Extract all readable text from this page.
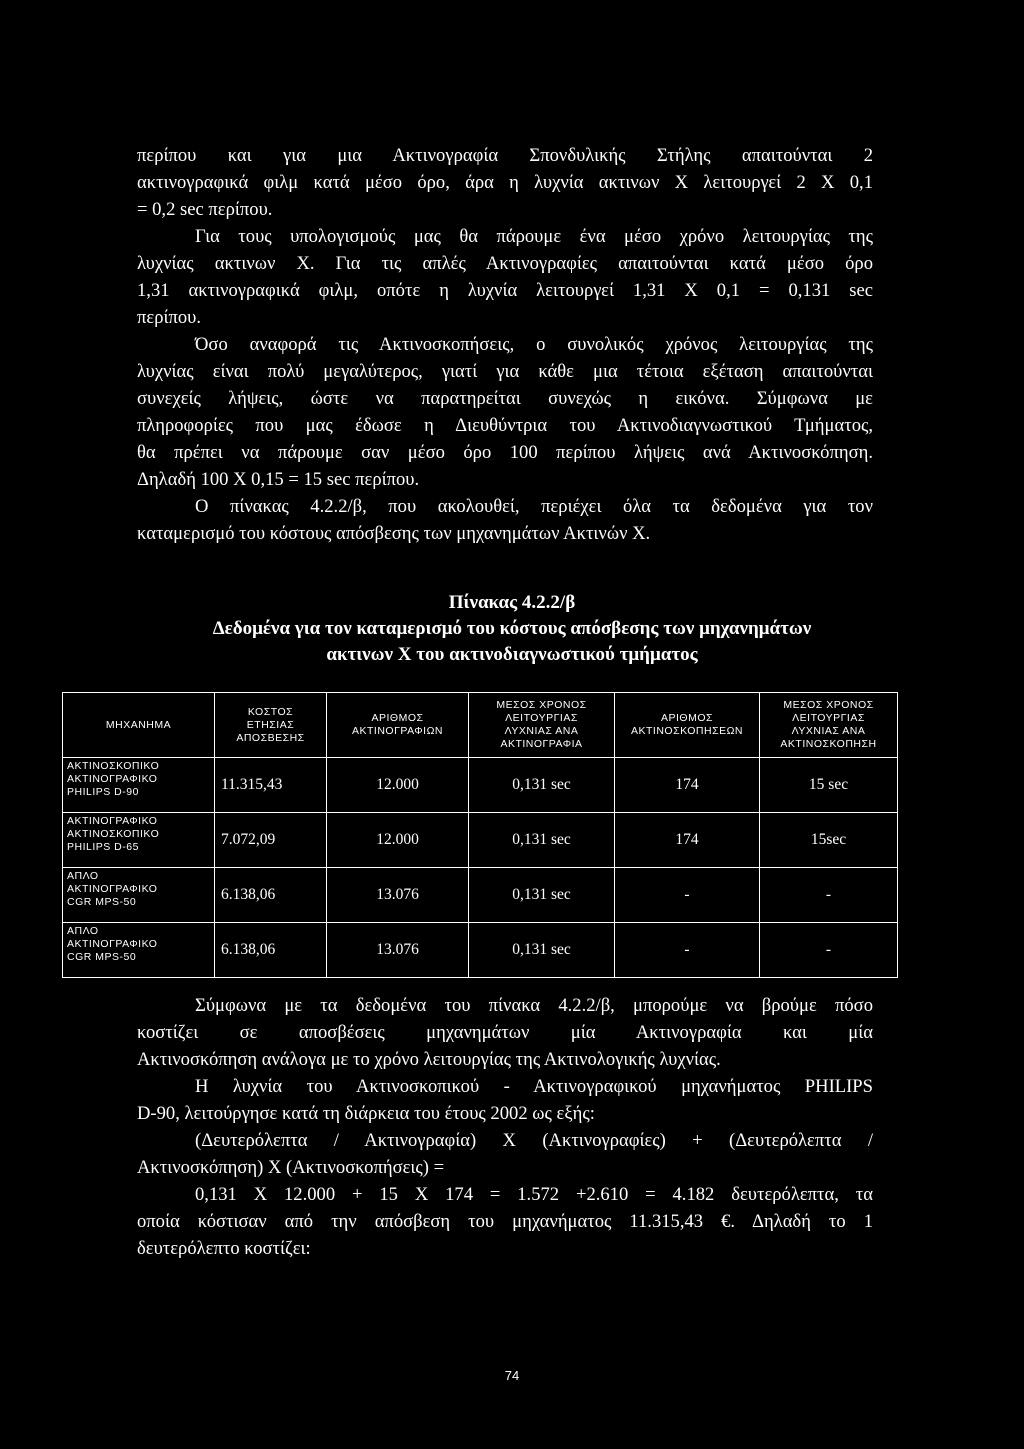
περίπου και για μια Ακτινογραφία Σπονδυλικής Στήλης απαιτούνται 2
ακτινογραφικά φιλμ κατά μέσο όρο, άρα η λυχνία ακτινων X λειτουργεί 2 X 0,1
= 0,2 sec περίπου.
Για τους υπολογισμούς μας θα πάρουμε ένα μέσο χρόνο λειτουργίας της
λυχνίας ακτινων X. Για τις απλές Ακτινογραφίες απαιτούνται κατά μέσο όρο
1,31 ακτινογραφικά φιλμ, οπότε η λυχνία λειτουργεί 1,31 X 0,1 = 0,131 sec
περίπου.
Όσο αναφορά τις Ακτινοσκοπήσεις, ο συνολικός χρόνος λειτουργίας της
λυχνίας είναι πολύ μεγαλύτερος, γιατί για κάθε μια τέτοια εξέταση απαιτούνται
συνεχείς λήψεις, ώστε να παρατηρείται συνεχώς η εικόνα. Σύμφωνα με
πληροφορίες που μας έδωσε η Διευθύντρια του Ακτινοδιαγνωστικού Τμήματος,
θα πρέπει να πάρουμε σαν μέσο όρο 100 περίπου λήψεις ανά Ακτινοσκόπηση.
Δηλαδή 100 X 0,15 = 15 sec περίπου.
Ο πίνακας 4.2.2/β, που ακολουθεί, περιέχει όλα τα δεδομένα για τον
καταμερισμό του κόστους απόσβεσης των μηχανημάτων Ακτινών X.
Πίνακας 4.2.2/β
Δεδομένα για τον καταμερισμό του κόστους απόσβεσης των μηχανημάτων
ακτινων X του ακτινοδιαγνωστικού τμήματος
ΜΗΧΑΝΗΜΑ	ΚΟΣΤΟΣ
ΕΤΗΣΙΑΣ
ΑΠΟΣΒΕΣΗΣ	ΑΡΙΘΜΟΣ
ΑΚΤΙΝΟΓΡΑΦΙΩΝ	ΜΕΣΟΣ ΧΡΟΝΟΣ
ΛΕΙΤΟΥΡΓΙΑΣ
ΛΥΧΝΙΑΣ ΑΝΑ
ΑΚΤΙΝΟΓΡΑΦΙΑ	ΑΡΙΘΜΟΣ
ΑΚΤΙΝΟΣΚΟΠΗΣΕΩΝ	ΜΕΣΟΣ ΧΡΟΝΟΣ
ΛΕΙΤΟΥΡΓΙΑΣ
ΛΥΧΝΙΑΣ ΑΝΑ
ΑΚΤΙΝΟΣΚΟΠΗΣΗ

ΑΚΤΙΝΟΣΚΟΠΙΚΟ
ΑΚΤΙΝΟΓΡΑΦΙΚΟ
PHILIPS D-90	11.315,43	12.000	0,131 sec	174	15 sec

ΑΚΤΙΝΟΓΡΑΦΙΚΟ
ΑΚΤΙΝΟΣΚΟΠΙΚΟ
PHILIPS D-65	7.072,09	12.000	0,131 sec	174	15sec

ΑΠΛΟ
ΑΚΤΙΝΟΓΡΑΦΙΚΟ
CGR MPS-50	6.138,06	13.076	0,131 sec	-	-

ΑΠΛΟ
ΑΚΤΙΝΟΓΡΑΦΙΚΟ
CGR MPS-50	6.138,06	13.076	0,131 sec	-	-
Σύμφωνα με τα δεδομένα του πίνακα 4.2.2/β, μπορούμε να βρούμε πόσο
κοστίζει σε αποσβέσεις μηχανημάτων μία Ακτινογραφία και μία
Ακτινοσκόπηση ανάλογα με το χρόνο λειτουργίας της Ακτινολογικής λυχνίας.
Η λυχνία του Ακτινοσκοπικού - Ακτινογραφικού μηχανήματος PHILIPS
D-90, λειτούργησε κατά τη διάρκεια του έτους 2002 ως εξής:
(Δευτερόλεπτα / Ακτινογραφία) X (Ακτινογραφίες) + (Δευτερόλεπτα /
Ακτινοσκόπηση) X (Ακτινοσκοπήσεις) =
0,131 X 12.000 + 15 X 174 = 1.572 +2.610 = 4.182 δευτερόλεπτα, τα
οποία κόστισαν από την απόσβεση του μηχανήματος 11.315,43 €. Δηλαδή το 1
δευτερόλεπτο κοστίζει:
74
